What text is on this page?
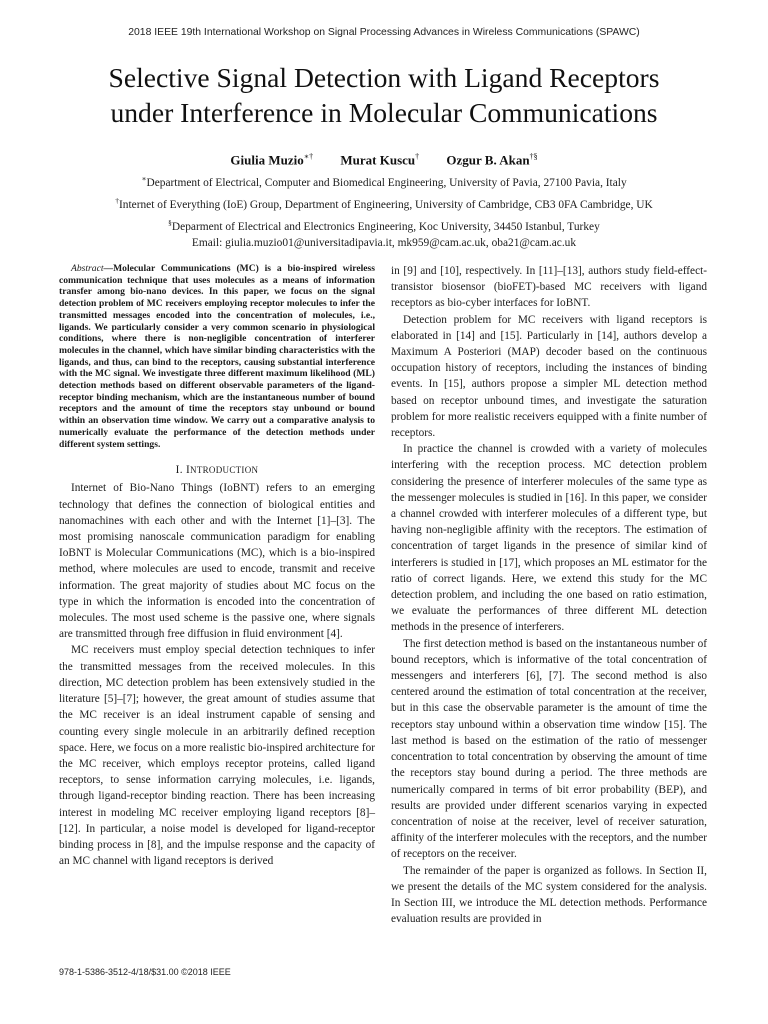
2018 IEEE 19th International Workshop on Signal Processing Advances in Wireless Communications (SPAWC)
Selective Signal Detection with Ligand Receptors
under Interference in Molecular Communications
Giulia Muzio∗† Murat Kuscu† Ozgur B. Akan†§
∗Department of Electrical, Computer and Biomedical Engineering, University of Pavia, 27100 Pavia, Italy
†Internet of Everything (IoE) Group, Department of Engineering, University of Cambridge, CB3 0FA Cambridge, UK
§Deparment of Electrical and Electronics Engineering, Koc University, 34450 Istanbul, Turkey
Email: giulia.muzio01@universitadipavia.it, mk959@cam.ac.uk, oba21@cam.ac.uk

Abstract—Molecular Communications (MC) is a bio-inspired wireless communication technique that uses molecules as a means of information transfer among bio-nano devices. In this paper, we focus on the signal detection problem of MC receivers employing receptor molecules to infer the transmitted messages encoded into the concentration of molecules, i.e., ligands. We particularly consider a very common scenario in physiological conditions, where there is non-negligible concentration of interferer molecules in the channel, which have similar binding characteristics with the ligands, and thus, can bind to the receptors, causing substantial interference with the MC signal. We investigate three different maximum likelihood (ML) detection methods based on different observable parameters of the ligand-receptor binding mechanism, which are the instantaneous number of bound receptors and the amount of time the receptors stay unbound or bound within an observation time window. We carry out a comparative analysis to numerically evaluate the performance of the detection methods under different system settings.

I. INTRODUCTION

Internet of Bio-Nano Things (IoBNT) refers to an emerging technology that defines the connection of biological entities and nanomachines with each other and with the Internet [1]–[3]. The most promising nanoscale communication paradigm for enabling IoBNT is Molecular Communications (MC), which is a bio-inspired method, where molecules are used to encode, transmit and receive information. The great majority of studies about MC focus on the type in which the information is encoded into the concentration of molecules. The most used scheme is the passive one, where signals are transmitted through free diffusion in fluid environment [4].

MC receivers must employ special detection techniques to infer the transmitted messages from the received molecules. In this direction, MC detection problem has been extensively studied in the literature [5]–[7]; however, the great amount of studies assume that the MC receiver is an ideal instrument capable of sensing and counting every single molecule in an arbitrarily defined reception space. Here, we focus on a more realistic bio-inspired architecture for the MC receiver, which employs receptor proteins, called ligand receptors, to sense information carrying molecules, i.e. ligands, through ligand-receptor binding reaction. There has been increasing interest in modeling MC receiver employing ligand receptors [8]– [12]. In particular, a noise model is developed for ligand-receptor binding process in [8], and the impulse response and the capacity of an MC channel with ligand receptors is derived

in [9] and [10], respectively. In [11]–[13], authors study field-effect-transistor biosensor (bioFET)-based MC receivers with ligand receptors as bio-cyber interfaces for IoBNT.

Detection problem for MC receivers with ligand receptors is elaborated in [14] and [15]. Particularly in [14], authors develop a Maximum A Posteriori (MAP) decoder based on the continuous occupation history of receptors, including the instances of binding events. In [15], authors propose a simpler ML detection method based on receptor unbound times, and investigate the saturation problem for more realistic receivers equipped with a finite number of receptors.

In practice the channel is crowded with a variety of molecules interfering with the reception process. MC detection problem considering the presence of interferer molecules of the same type as the messenger molecules is studied in [16]. In this paper, we consider a channel crowded with interferer molecules of a different type, but having non-negligible affinity with the receptors. The estimation of concentration of target ligands in the presence of similar kind of interferers is studied in [17], which proposes an ML estimator for the ratio of correct ligands. Here, we extend this study for the MC detection problem, and including the one based on ratio estimation, we evaluate the performances of three different ML detection methods in the presence of interferers.

The first detection method is based on the instantaneous number of bound receptors, which is informative of the total concentration of messengers and interferers [6], [7]. The second method is also centered around the estimation of total concentration at the receiver, but in this case the observable parameter is the amount of time the receptors stay unbound within a observation time window [15]. The last method is based on the estimation of the ratio of messenger concentration to total concentration by observing the amount of time the receptors stay bound during a period. The three methods are numerically compared in terms of bit error probability (BEP), and results are provided under different scenarios varying in expected concentration of noise at the receiver, level of receiver saturation, affinity of the interferer molecules with the receptors, and the number of receptors on the receiver.

The remainder of the paper is organized as follows. In Section II, we present the details of the MC system considered for the analysis. In Section III, we introduce the ML detection methods. Performance evaluation results are provided in

978-1-5386-3512-4/18/$31.00 ©2018 IEEE
